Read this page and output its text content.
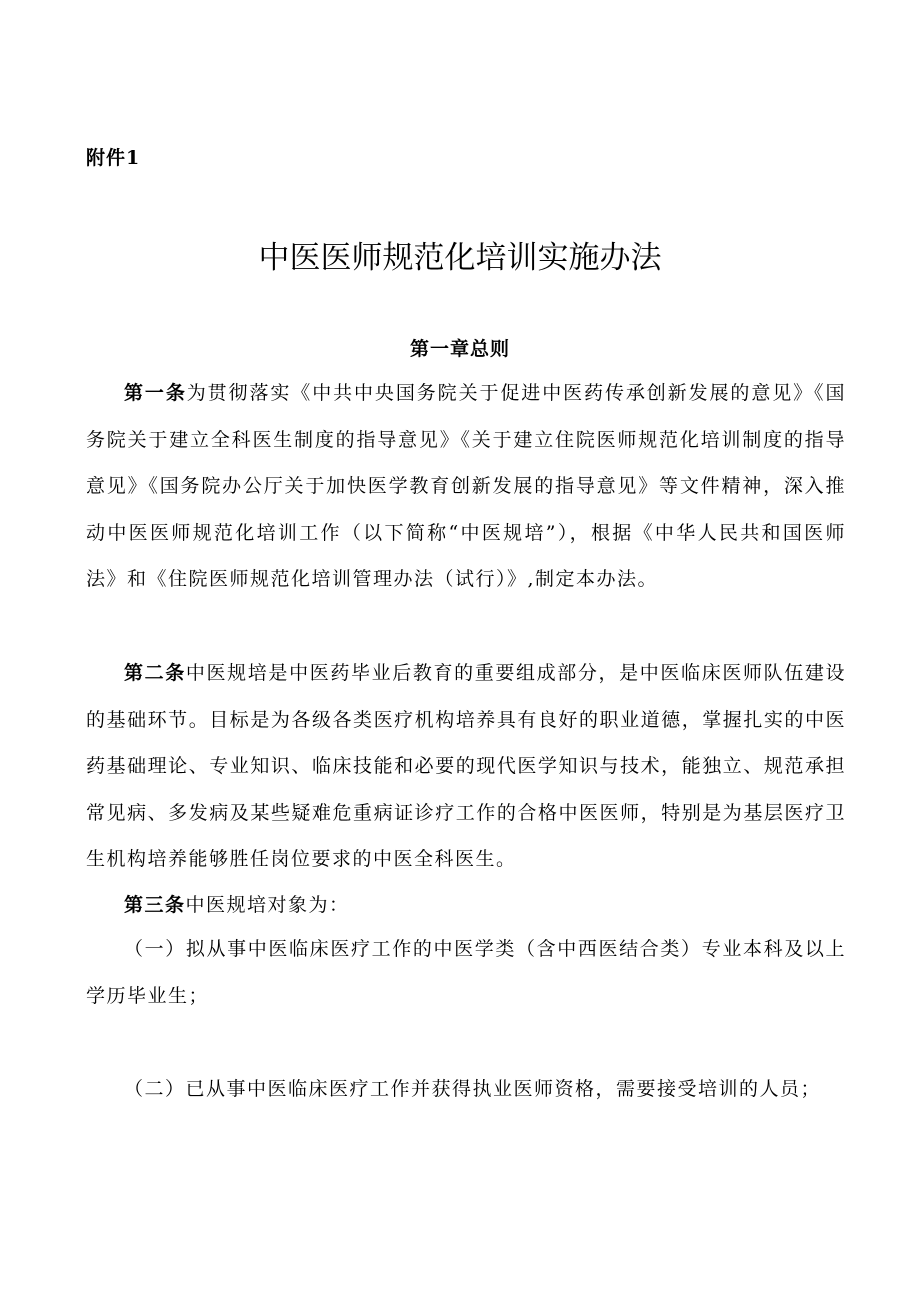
附件1
中医医师规范化培训实施办法
第一章总则

第一条为贯彻落实《中共中央国务院关于促进中医药传承创新发展的意见》《国务院关于建立全科医生制度的指导意见》《关于建立住院医师规范化培训制度的指导意见》《国务院办公厅关于加快医学教育创新发展的指导意见》等文件精神，深入推动中医医师规范化培训工作（以下简称“中医规培”），根据《中华人民共和国医师法》和《住院医师规范化培训管理办法（试行）》,制定本办法。

第二条中医规培是中医药毕业后教育的重要组成部分，是中医临床医师队伍建设的基础环节。目标是为各级各类医疗机构培养具有良好的职业道德，掌握扎实的中医药基础理论、专业知识、临床技能和必要的现代医学知识与技术，能独立、规范承担常见病、多发病及某些疑难危重病证诊疗工作的合格中医医师，特别是为基层医疗卫生机构培养能够胜任岗位要求的中医全科医生。

第三条中医规培对象为：

（一）拟从事中医临床医疗工作的中医学类（含中西医结合类）专业本科及以上学历毕业生；

（二）已从事中医临床医疗工作并获得执业医师资格，需要接受培训的人员；
